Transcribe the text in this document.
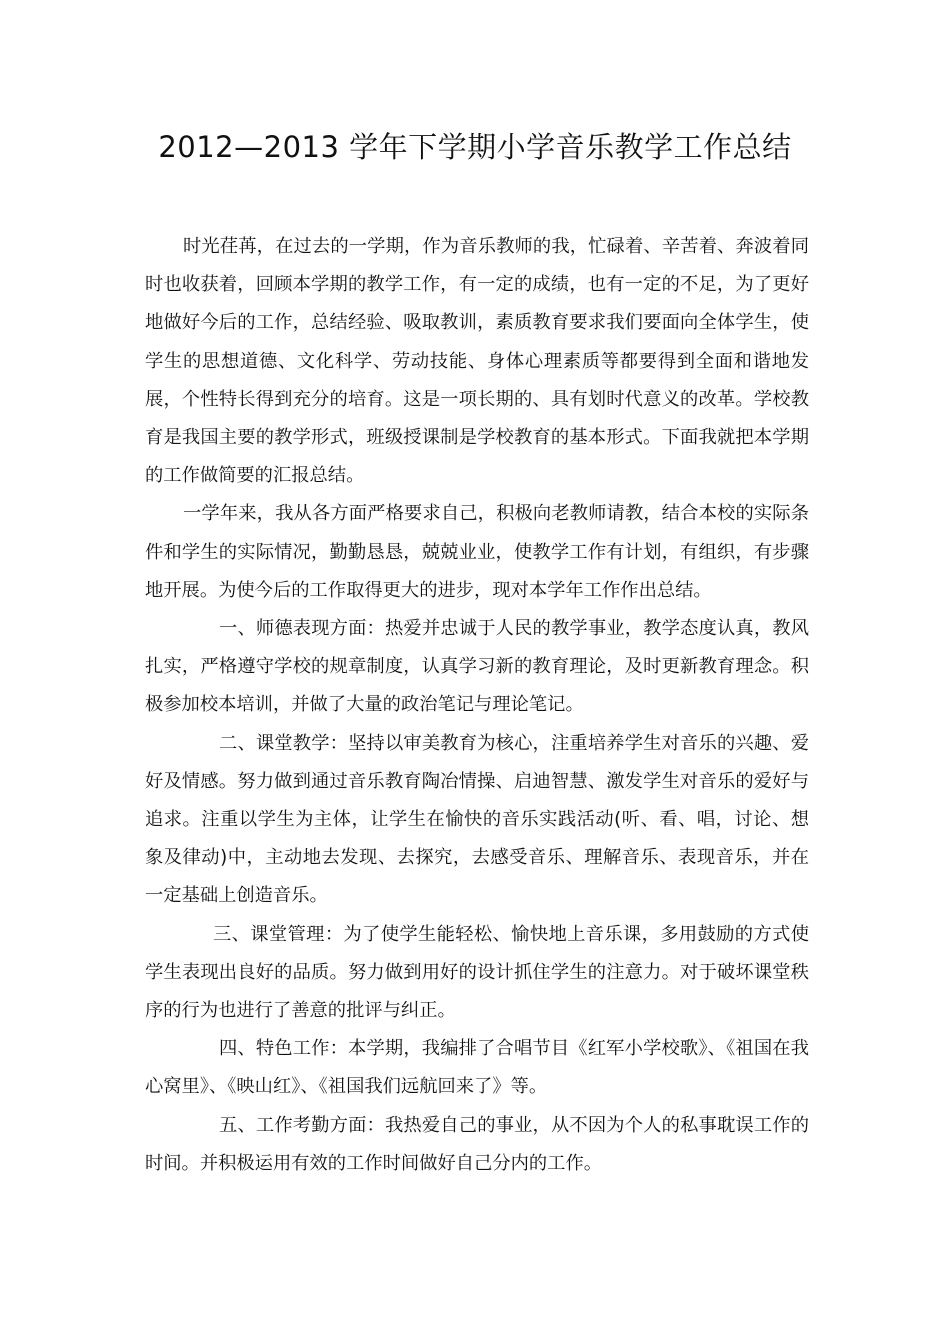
2012—2013 学年下学期小学音乐教学工作总结

时光荏苒，在过去的一学期，作为音乐教师的我，忙碌着、辛苦着、奔波着同时也收获着，回顾本学期的教学工作，有一定的成绩，也有一定的不足，为了更好地做好今后的工作，总结经验、吸取教训，素质教育要求我们要面向全体学生，使学生的思想道德、文化科学、劳动技能、身体心理素质等都要得到全面和谐地发展，个性特长得到充分的培育。这是一项长期的、具有划时代意义的改革。学校教育是我国主要的教学形式，班级授课制是学校教育的基本形式。下面我就把本学期的工作做简要的汇报总结。

一学年来，我从各方面严格要求自己，积极向老教师请教，结合本校的实际条件和学生的实际情况，勤勤恳恳，兢兢业业，使教学工作有计划，有组织，有步骤地开展。为使今后的工作取得更大的进步，现对本学年工作作出总结。

一、师德表现方面：热爱并忠诚于人民的教学事业，教学态度认真，教风扎实，严格遵守学校的规章制度，认真学习新的教育理论，及时更新教育理念。积极参加校本培训，并做了大量的政治笔记与理论笔记。

二、课堂教学：坚持以审美教育为核心，注重培养学生对音乐的兴趣、爱好及情感。努力做到通过音乐教育陶冶情操、启迪智慧、激发学生对音乐的爱好与追求。注重以学生为主体，让学生在愉快的音乐实践活动(听、看、唱，讨论、想象及律动)中，主动地去发现、去探究，去感受音乐、理解音乐、表现音乐，并在一定基础上创造音乐。

三、课堂管理：为了使学生能轻松、愉快地上音乐课，多用鼓励的方式使学生表现出良好的品质。努力做到用好的设计抓住学生的注意力。对于破坏课堂秩序的行为也进行了善意的批评与纠正。

四、特色工作：本学期，我编排了合唱节目《红军小学校歌》、《祖国在我心窝里》、《映山红》、《祖国我们远航回来了》等。

五、工作考勤方面：我热爱自己的事业，从不因为个人的私事耽误工作的时间。并积极运用有效的工作时间做好自己分内的工作。
